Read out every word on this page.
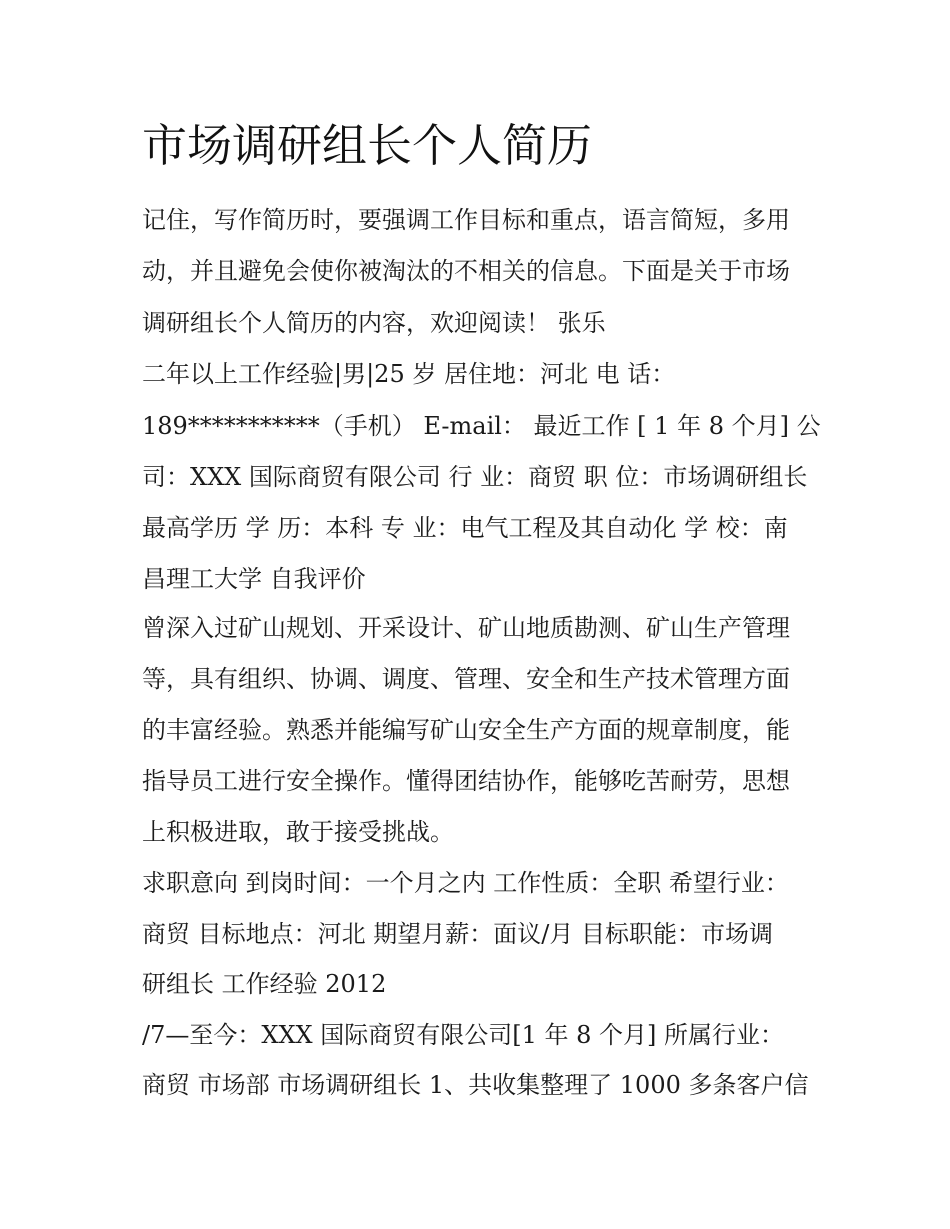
市场调研组长个人简历

记住，写作简历时，要强调工作目标和重点，语言简短，多用

动，并且避免会使你被淘汰的不相关的信息。下面是关于市场

调研组长个人简历的内容，欢迎阅读！ 张乐

二年以上工作经验|男|25 岁 居住地：河北 电 话：

189***********（手机） E-mail： 最近工作 [ 1 年 8 个月] 公

司：XXX 国际商贸有限公司 行 业：商贸 职 位：市场调研组长

最高学历 学 历：本科 专 业：电气工程及其自动化 学 校：南

昌理工大学 自我评价

曾深入过矿山规划、开采设计、矿山地质勘测、矿山生产管理

等，具有组织、协调、调度、管理、安全和生产技术管理方面

的丰富经验。熟悉并能编写矿山安全生产方面的规章制度，能

指导员工进行安全操作。懂得团结协作，能够吃苦耐劳，思想

上积极进取，敢于接受挑战。

求职意向 到岗时间：一个月之内 工作性质：全职 希望行业：

商贸 目标地点：河北 期望月薪：面议/月 目标职能：市场调

研组长 工作经验 2012

/7—至今：XXX 国际商贸有限公司[1 年 8 个月] 所属行业：

商贸 市场部 市场调研组长 1、共收集整理了 1000 多条客户信
